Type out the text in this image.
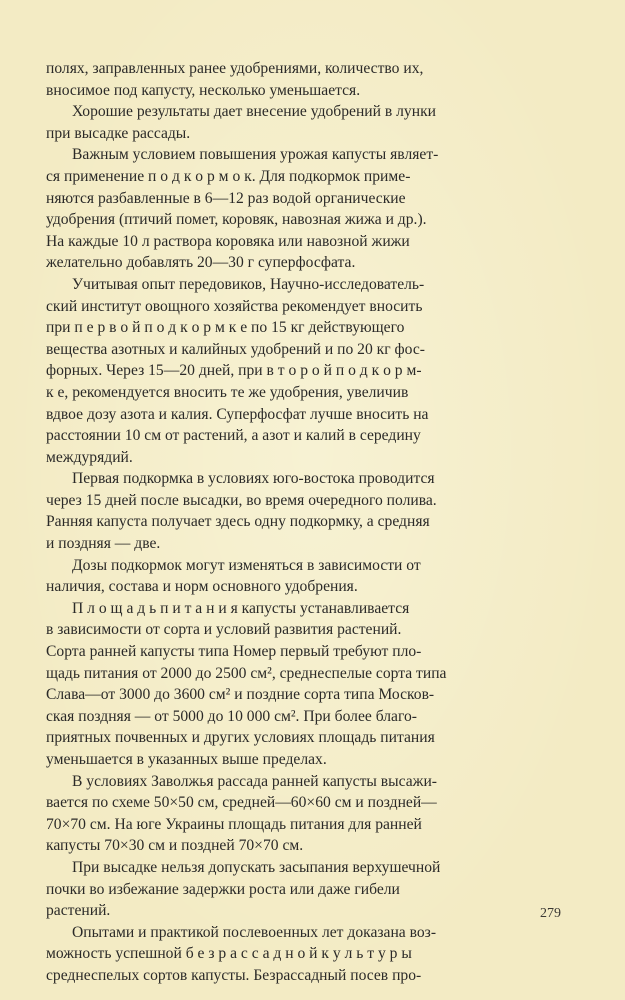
полях, заправленных ранее удобрениями, количество их,
вносимое под капусту, несколько уменьшается.

Хорошие результаты дает внесение удобрений в лунки
при высадке рассады.

Важным условием повышения урожая капусты являет-
ся применение п о д к о р м о к. Для подкормок приме-
няются разбавленные в 6—12 раз водой органические
удобрения (птичий помет, коровяк, навозная жижа и др.).
На каждые 10 л раствора коровяка или навозной жижи
желательно добавлять 20—30 г суперфосфата.

Учитывая опыт передовиков, Научно-исследователь-
ский институт овощного хозяйства рекомендует вносить
при п е р в о й п о д к о р м к е по 15 кг действующего
вещества азотных и калийных удобрений и по 20 кг фос-
форных. Через 15—20 дней, при в т о р о й п о д к о р м-
к е, рекомендуется вносить те же удобрения, увеличив
вдвое дозу азота и калия. Суперфосфат лучше вносить на
расстоянии 10 см от растений, а азот и калий в середину
междурядий.

Первая подкормка в условиях юго-востока проводится
через 15 дней после высадки, во время очередного полива.
Ранняя капуста получает здесь одну подкормку, а средняя
и поздняя — две.

Дозы подкормок могут изменяться в зависимости от
наличия, состава и норм основного удобрения.

П л о щ а д ь п и т а н и я капусты устанавливается
в зависимости от сорта и условий развития растений.
Сорта ранней капусты типа Номер первый требуют пло-
щадь питания от 2000 до 2500 см², среднеспелые сорта типа
Слава—от 3000 до 3600 см² и поздние сорта типа Москов-
ская поздняя — от 5000 до 10 000 см². При более благо-
приятных почвенных и других условиях площадь питания
уменьшается в указанных выше пределах.

В условиях Заволжья рассада ранней капусты высажи-
вается по схеме 50×50 см, средней—60×60 см и поздней—
70×70 см. На юге Украины площадь питания для ранней
капусты 70×30 см и поздней 70×70 см.

При высадке нельзя допускать засыпания верхушечной
почки во избежание задержки роста или даже гибели
растений.

Опытами и практикой послевоенных лет доказана воз-
можность успешной б е з р а с с а д н о й к у л ь т у р ы
среднеспелых сортов капусты. Безрассадный посев про-

279
